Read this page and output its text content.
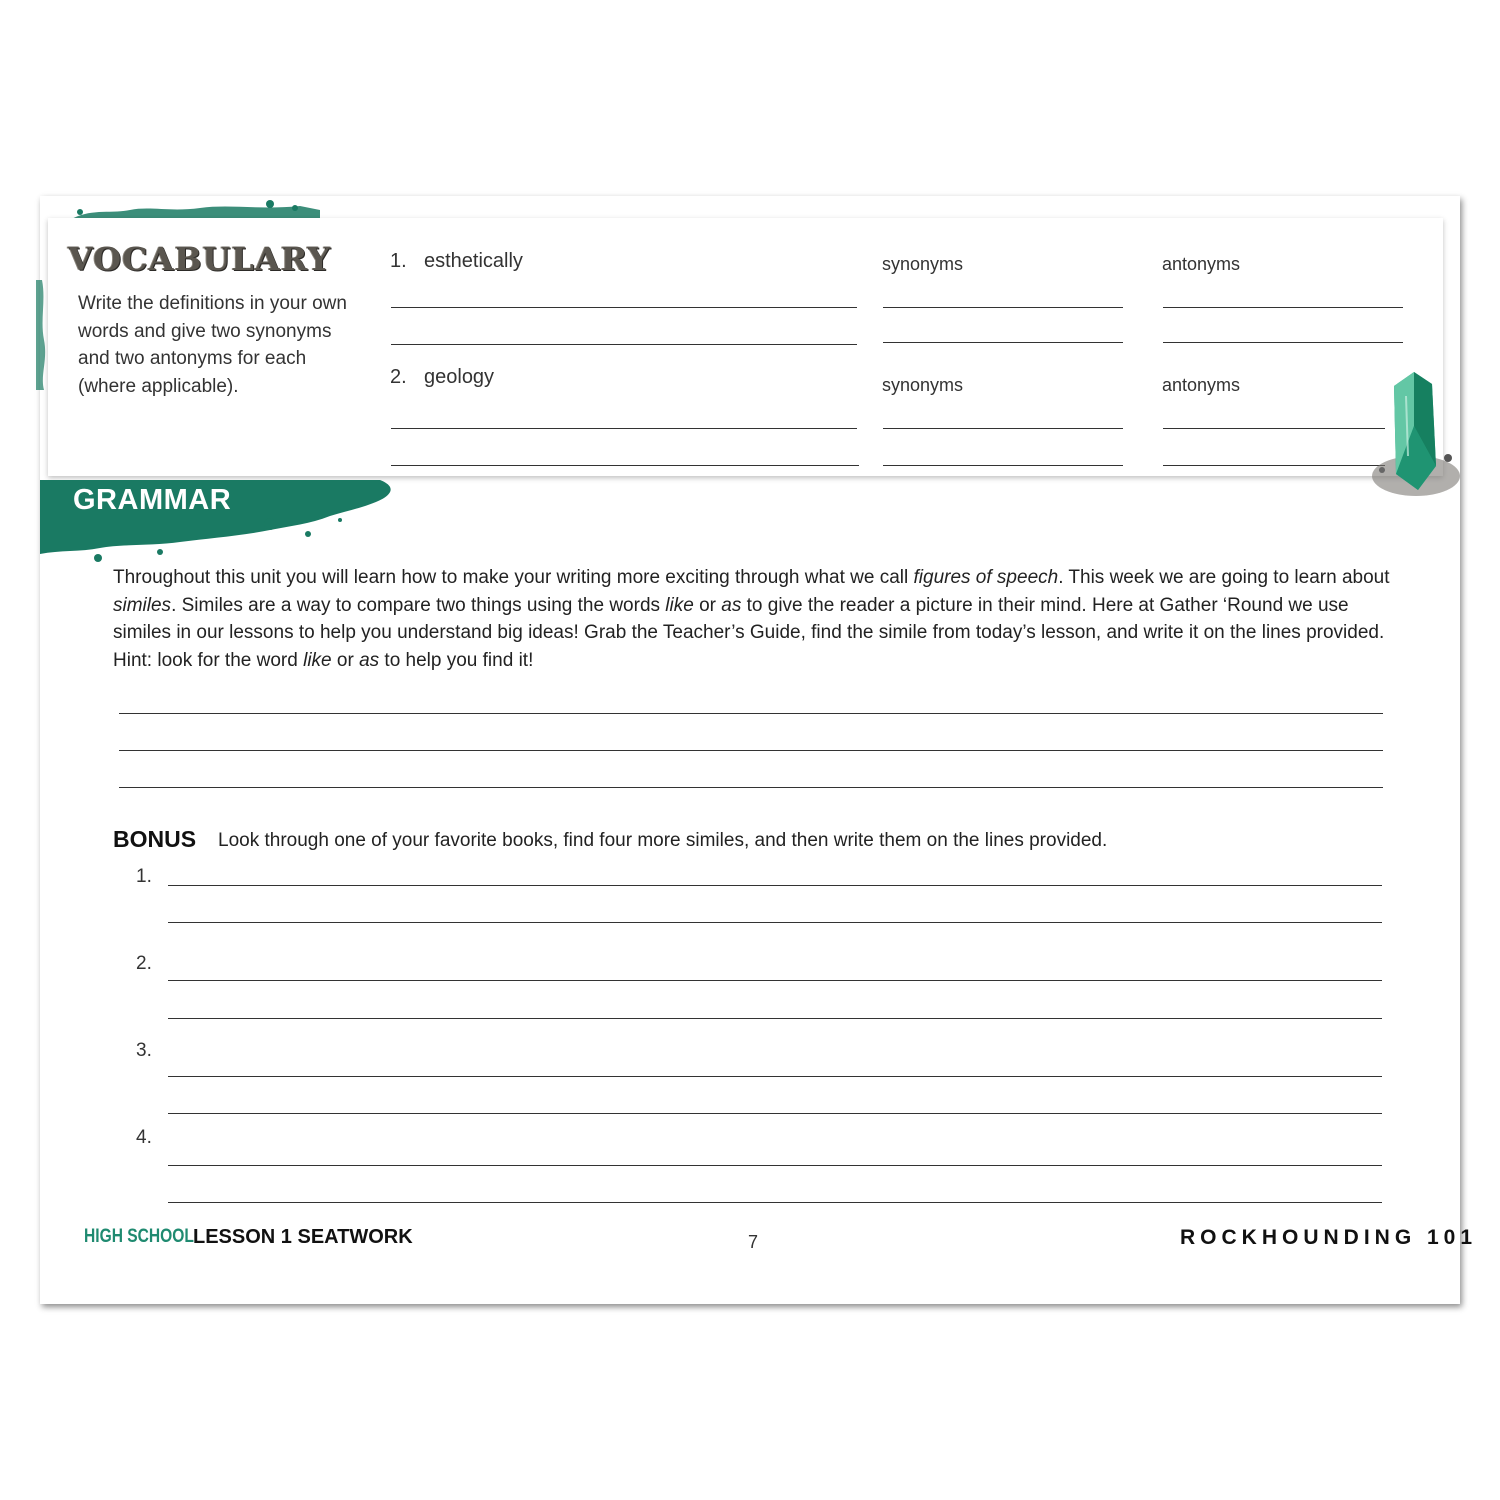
VOCABULARY
Write the definitions in your own words and give two synonyms and two antonyms for each (where applicable).
1. esthetically	synonyms	antonyms
2. geology	synonyms	antonyms
GRAMMAR
Throughout this unit you will learn how to make your writing more exciting through what we call figures of speech. This week we are going to learn about similes. Similes are a way to compare two things using the words like or as to give the reader a picture in their mind. Here at Gather ‘Round we use similes in our lessons to help you understand big ideas! Grab the Teacher’s Guide, find the simile from today’s lesson, and write it on the lines provided. Hint: look for the word like or as to help you find it!
BONUS Look through one of your favorite books, find four more similes, and then write them on the lines provided.
1.
2.
3.
4.
HIGH SCHOOL LESSON 1 SEATWORK	7	ROCKHOUNDING 101
